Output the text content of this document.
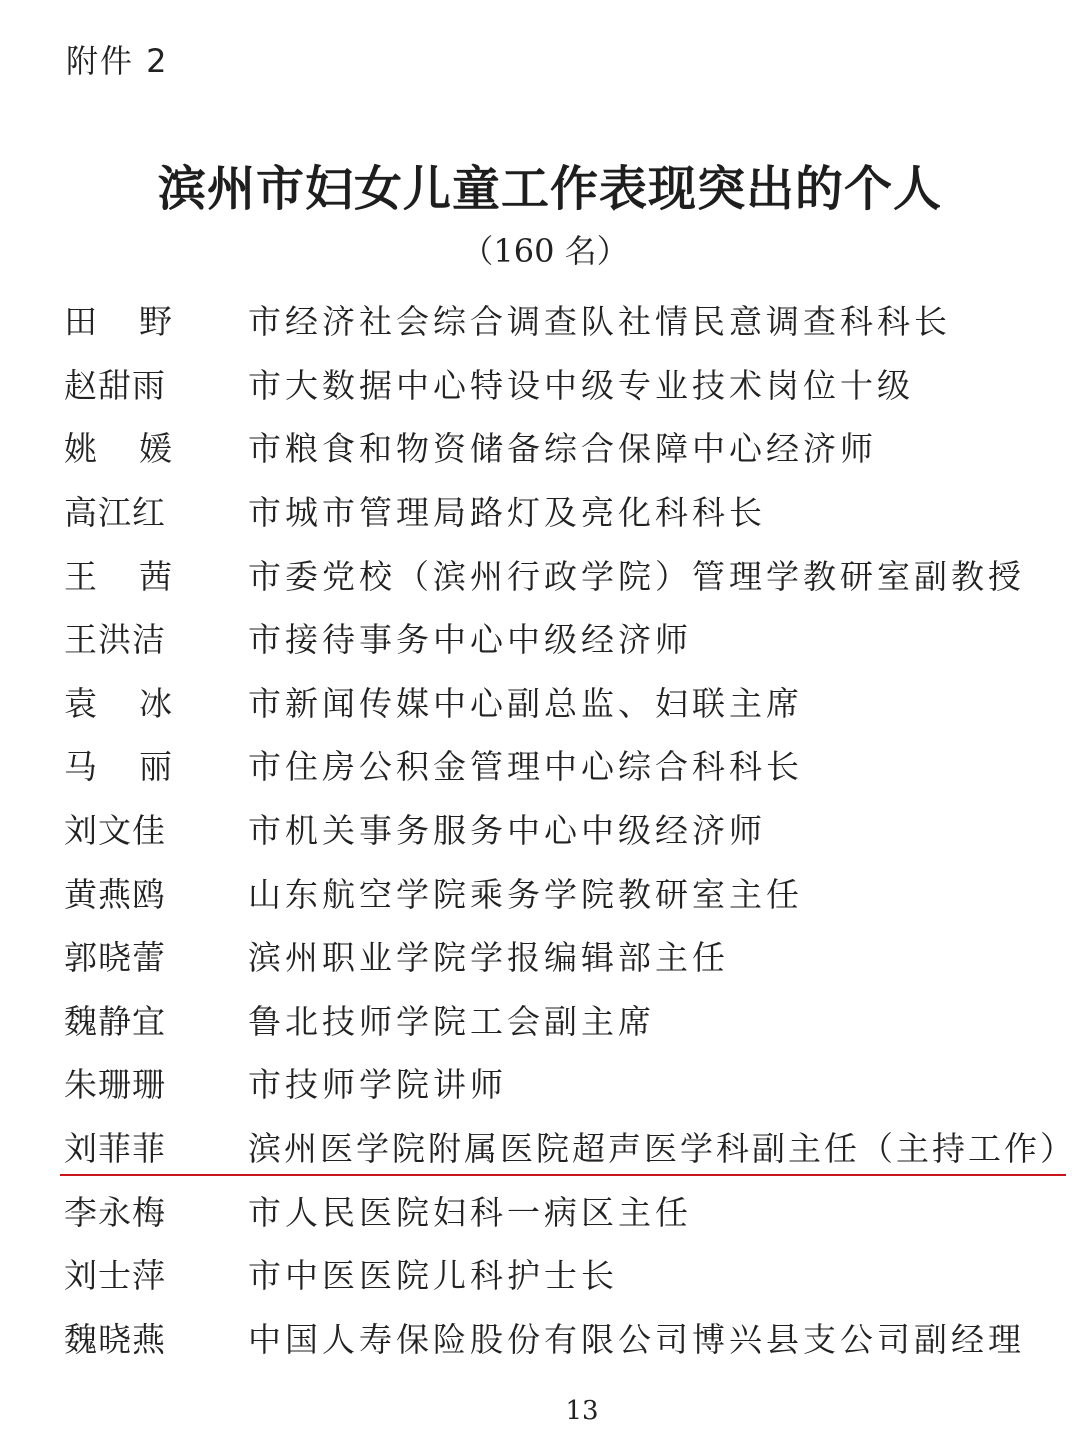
附件 2
滨州市妇女儿童工作表现突出的个人
（160 名）
田野	市经济社会综合调查队社情民意调查科科长
赵甜雨	市大数据中心特设中级专业技术岗位十级
姚媛	市粮食和物资储备综合保障中心经济师
高江红	市城市管理局路灯及亮化科科长
王茜	市委党校（滨州行政学院）管理学教研室副教授
王洪洁	市接待事务中心中级经济师
袁冰	市新闻传媒中心副总监、妇联主席
马丽	市住房公积金管理中心综合科科长
刘文佳	市机关事务服务中心中级经济师
黄燕鸥	山东航空学院乘务学院教研室主任
郭晓蕾	滨州职业学院学报编辑部主任
魏静宜	鲁北技师学院工会副主席
朱珊珊	市技师学院讲师
刘菲菲	滨州医学院附属医院超声医学科副主任（主持工作）
李永梅	市人民医院妇科一病区主任
刘士萍	市中医医院儿科护士长
魏晓燕	中国人寿保险股份有限公司博兴县支公司副经理
13
